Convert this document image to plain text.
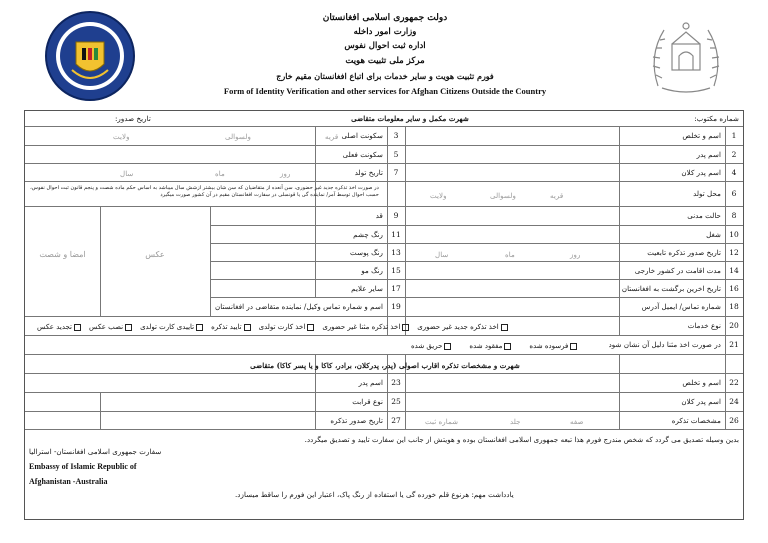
دولت جمهوری اسلامی افغانستان
وزارت امور داخله
اداره ثبت احوال نفوس
مرکز ملی تثبیت هویت
فورم تثبیت هویت و سایر خدمات برای اتباع افغانستان مقیم خارج
Form of Identity Verification and other services for Afghan Citizens Outside the Country
شماره مکتوب:
شهرت مکمل و سایر معلومات متقاضی
تاریخ صدور:
1
اسم و تخلص
2
اسم پدر
4
اسم پدر کلان
6
محل تولد
8
حالت مدنی
10
شغل
12
تاریخ صدور تذکره تابعیت
14
مدت اقامت در کشور خارجی
16
تاریخ اخرین برگشت به افغانستان
18
شماره تماس/ ایمیل آدرس
20
نوع خدمات
21
در صورت اخذ مثنا دلیل آن نشان شود
3
سکونت اصلی
5
سکونت فعلی
7
تاریخ تولد
9
قد
11
رنگ چشم
13
رنگ پوست
15
رنگ مو
17
سایر علایم
19
اسم و شماره تماس وکیل/ نماینده متقاضی در افغانستان
قریه
ولسوالی
ولایت
روز
ماه
سال
قریه
ولسوالی
ولایت
در صورت اخذ تذکره جدید غیر حضوری، سن آنعده از متقاضیان که سن شان بیشتر ازشش سال میباشد به اساس حکم ماده شصت و پنجم قانون ثبت احوال نفوس، حسب احوال توسط آمر/ نماینده گی یا قونسلی در سفارت افغانستان مقیم در آن کشور صورت میگیرد
روز
ماه
سال
عکس
امضا و شصت
اخذ تذکره جدید غیر حضوریاخذ تذکره مثنا غیر حضوریاخذ کارت تولدیتایید تذکرهتاییدی کارت تولدینصب عکستجدید عکس
فرسوده شدهمفقود شدهحریق شده
شهرت و مشخصات تذکره اقارب اصولی (پدر، پدرکلان، برادر، کاکا و یا پسر کاکا) متقاضی
22
اسم و تخلص
24
اسم پدر کلان
26
مشخصات تذکره
23
اسم پدر
25
نوع قرابت
27
تاریخ صدور تذکره	صفه
جلد
شماره ثبت
بدین وسیله تصدیق می گردد که شخص مندرج فورم هذا تبعه جمهوری اسلامی افغانستان بوده و هویتش از جانب این سفارت تایید و تصدیق میگردد.
سفارت جمهوری اسلامی افغانستان- استرالیا
Embassy of Islamic Republic of
Afghanistan -Australia
یادداشت مهم: هرنوع قلم خورده گی یا استفاده از رنگ پاک، اعتبار این فورم را ساقط میسازد.
